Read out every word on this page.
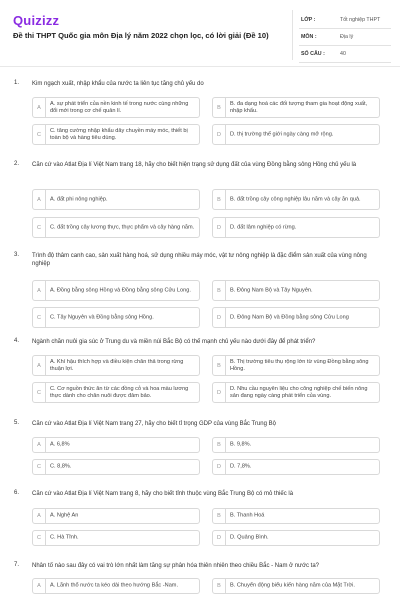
Quizizz
Đề thi THPT Quốc gia môn Địa lý năm 2022 chọn lọc, có lời giải (Đề 10)
LỚP :	Tốt nghiệp THPT
MÔN :	Địa lý
SỐ CÂU :	40
1. Kim ngạch xuất, nhập khẩu của nước ta liên tục tăng chủ yếu do
A
A. sự phát triển của nền kinh tế trong nước cùng những đổi mới trong cơ chế quản lí.	B
B. đa dạng hoá các đối tượng tham gia hoạt động xuất, nhập khẩu.
C
C. tăng cường nhập khẩu dây chuyền máy móc, thiết bị toàn bộ và hàng tiêu dùng.	D	D. thị trường thế giới ngày càng mở rộng.
2. Căn cứ vào Atlat Địa lí Việt Nam trang 18, hãy cho biết hiện trạng sử dụng đất của vùng Đồng bằng sông Hồng chủ yếu là
A	A. đất phi nông nghiệp.	B	B. đất trồng cây công nghiệp lâu năm và cây ăn quả.
C	C. đất trồng cây lương thực, thực phẩm và cây hàng năm.	D	D. đất lâm nghiệp có rừng.
3. Trình độ thâm canh cao, sản xuất hàng hoá, sử dụng nhiều máy móc, vật tư nông nghiệp là đặc điểm sản xuất của vùng nông nghiệp
A	A. Đồng bằng sông Hồng và Đồng bằng sông Cửu Long.	B	B. Đông Nam Bộ và Tây Nguyên.
C	C. Tây Nguyên và Đồng bằng sông Hồng.	D	D. Đông Nam Bộ và Đồng bằng sông Cửu Long
4. Ngành chăn nuôi gia súc ở Trung du và miền núi Bắc Bộ có thế mạnh chủ yếu nào dưới đây để phát triển?
A
A. Khí hậu thích hợp và điều kiện chăn thả trong rừng thuận lợi.	B
B. Thị trường tiêu thụ rộng lớn từ vùng Đồng bằng sông Hồng.
C
C. Cơ nguồn thức ăn từ các đồng cỏ và hoa màu lương thực dành cho chăn nuôi được đảm bảo.	D
D. Nhu cầu nguyên liệu cho công nghiệp chế biến nông sản đang ngày càng phát triển của vùng.
5. Căn cứ vào Atlat Địa lí Việt Nam trang 27, hãy cho biết tỉ trọng GDP của vùng Bắc Trung Bộ
A	A. 6,8%	B	B. 9,8%.
C	C. 8,8%.	D	D. 7,8%.
6. Căn cứ vào Atlat Địa lí Việt Nam trang 8, hãy cho biết tỉnh thuộc vùng Bắc Trung Bộ có mỏ thiếc là
A	A. Nghệ An	B	B. Thanh Hoá
C	C. Hà Tĩnh.	D	D. Quảng Bình.
7. Nhân tố nào sau đây có vai trò lớn nhất làm tăng sự phân hóa thiên nhiên theo chiều Bắc - Nam ở nước ta?
A	A. Lãnh thổ nước ta kéo dài theo hướng Bắc -Nam.	B	B. Chuyển động biểu kiến hàng năm của Mặt Trời.
